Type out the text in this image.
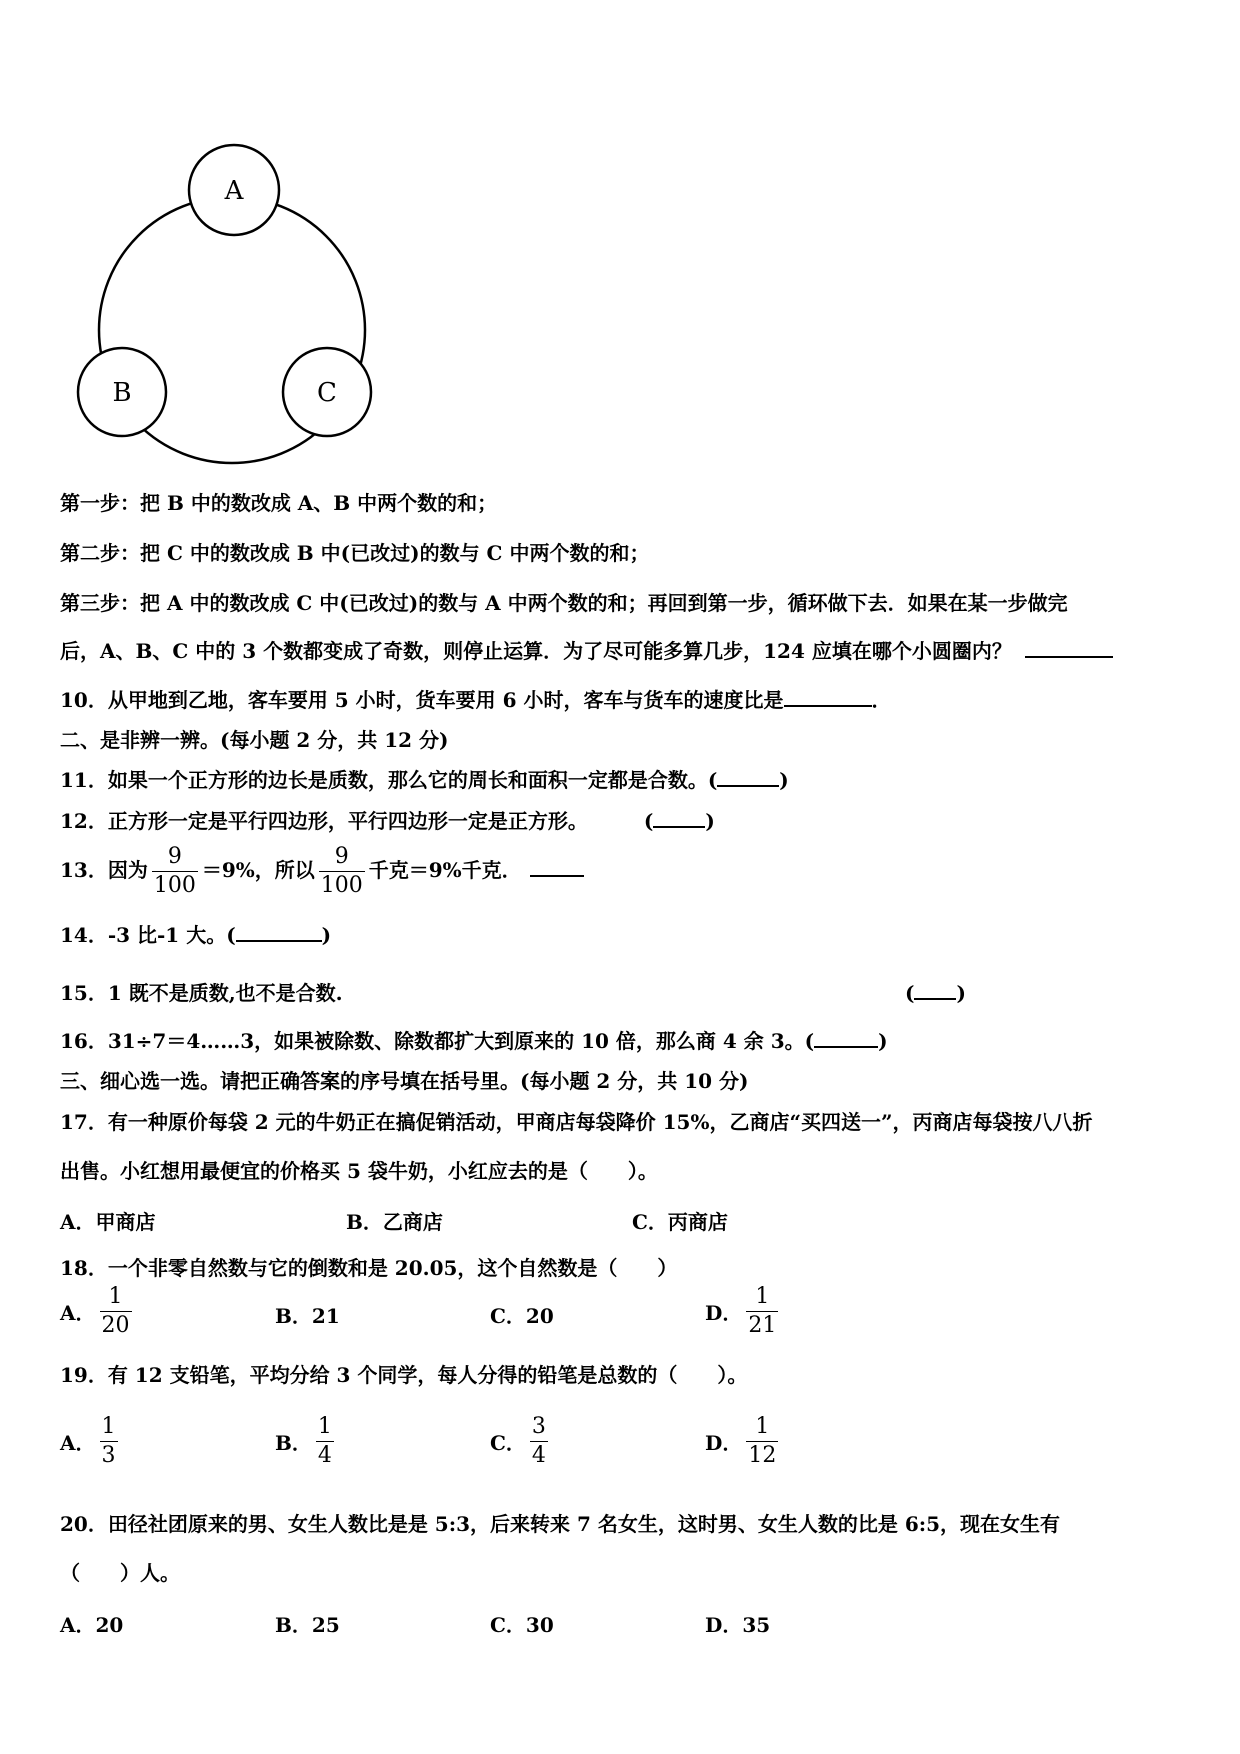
A
B	C
第一步：把 B 中的数改成 A、B 中两个数的和；
第二步：把 C 中的数改成 B 中(已改过)的数与 C 中两个数的和；
第三步：把 A 中的数改成 C 中(已改过)的数与 A 中两个数的和；再回到第一步，循环做下去．如果在某一步做完
后，A、B、C 中的 3 个数都变成了奇数，则停止运算．为了尽可能多算几步，124 应填在哪个小圆圈内？
10．从甲地到乙地，客车要用 5 小时，货车要用 6 小时，客车与货车的速度比是	．
二、是非辨一辨。(每小题 2 分，共 12 分)
11．如果一个正方形的边长是质数，那么它的周长和面积一定都是合数。(	)
12．正方形一定是平行四边形，平行四边形一定是正方形。	(	)
13．因为 $\frac{9}{100} =9\%$，所以 $\frac{9}{100}$ 千克＝9%千克．
14．-3 比-1 大。(	)
15．1 既不是质数,也不是合数.	( )
16．31÷7＝4……3，如果被除数、除数都扩大到原来的 10 倍，那么商 4 余 3。(	)
三、细心选一选。请把正确答案的序号填在括号里。(每小题 2 分，共 10 分)
17．有一种原价每袋 2 元的牛奶正在搞促销活动，甲商店每袋降价 15%，乙商店“买四送一”，丙商店每袋按八八折
出售。小红想用最便宜的价格买 5 袋牛奶，小红应去的是（　　）。
A．甲商店	B．乙商店	C．丙商店
18．一个非零自然数与它的倒数和是 20.05，这个自然数是（　　）
A． $\frac{1}{20}$	B．21	C．20	D． $\frac{1}{21}$
19．有 12 支铅笔，平均分给 3 个同学，每人分得的铅笔是总数的（　　）。
A． $\frac{1}{3}$	B． $\frac{1}{4}$	C． $\frac{3}{4}$	D． $\frac{1}{12}$
20．田径社团原来的男、女生人数比是是 5:3，后来转来 7 名女生，这时男、女生人数的比是 6:5，现在女生有
（　　）人。
A．20	B．25	C．30	D．35
